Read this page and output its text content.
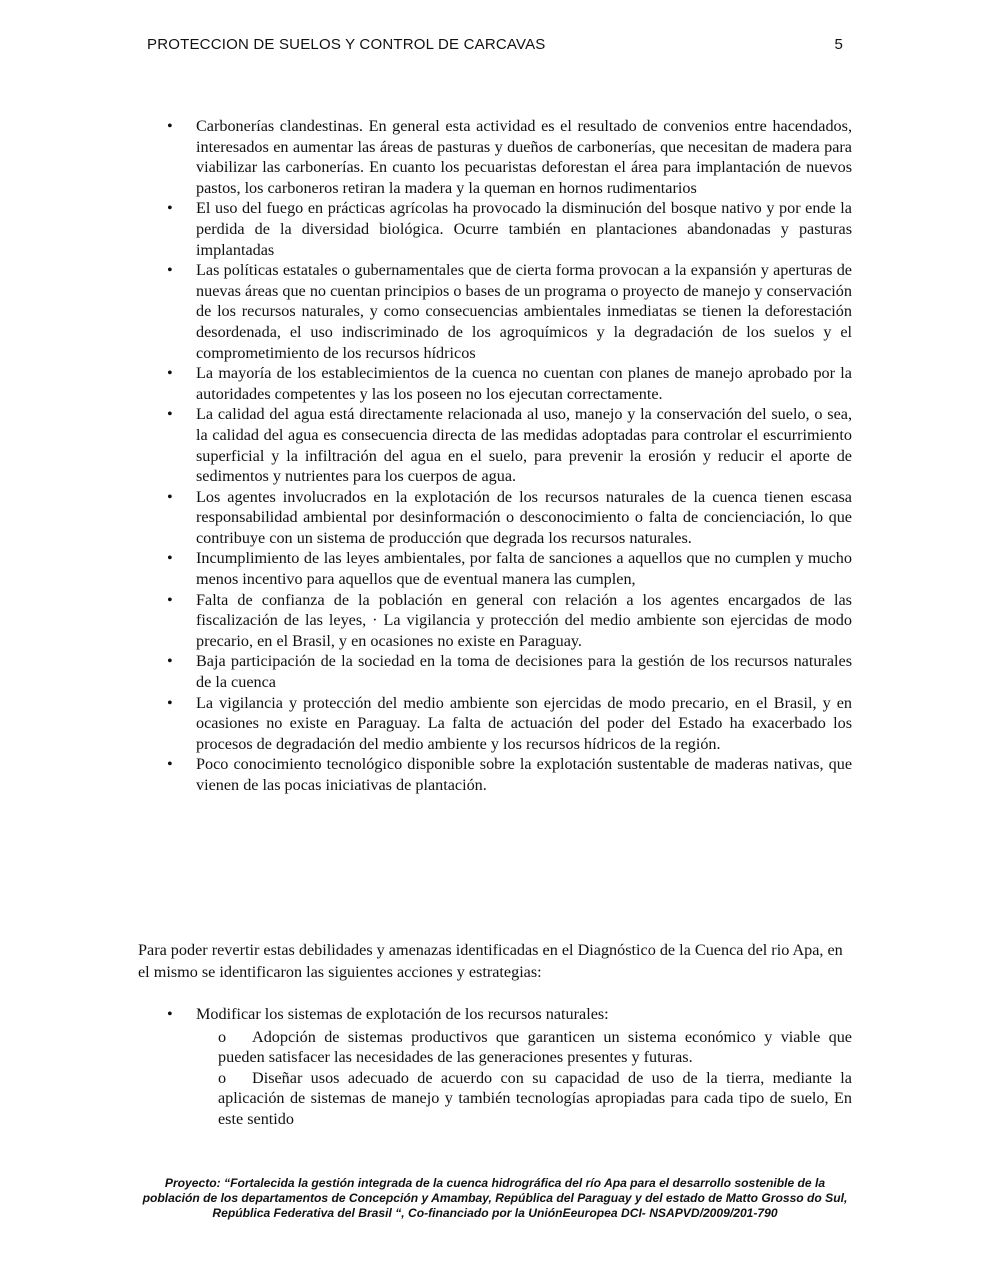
PROTECCION DE SUELOS Y CONTROL DE CARCAVAS	5
• Carbonerías clandestinas. En general esta actividad es el resultado de convenios entre hacendados, interesados en aumentar las áreas de pasturas y dueños de carbonerías, que necesitan de madera para viabilizar las carbonerías. En cuanto los pecuaristas deforestan el área para implantación de nuevos pastos, los carboneros retiran la madera y la queman en hornos rudimentarios
• El uso del fuego en prácticas agrícolas ha provocado la disminución del bosque nativo y por ende la perdida de la diversidad biológica. Ocurre también en plantaciones abandonadas y pasturas implantadas
• Las políticas estatales o gubernamentales que de cierta forma provocan a la expansión y aperturas de nuevas áreas que no cuentan principios o bases de un programa o proyecto de manejo y conservación de los recursos naturales, y como consecuencias ambientales inmediatas se tienen la deforestación desordenada, el uso indiscriminado de los agroquímicos y la degradación de los suelos y el comprometimiento de los recursos hídricos
• La mayoría de los establecimientos de la cuenca no cuentan con planes de manejo aprobado por la autoridades competentes y las los poseen no los ejecutan correctamente.
• La calidad del agua está directamente relacionada al uso, manejo y la conservación del suelo, o sea, la calidad del agua es consecuencia directa de las medidas adoptadas para controlar el escurrimiento superficial y la infiltración del agua en el suelo, para prevenir la erosión y reducir el aporte de sedimentos y nutrientes para los cuerpos de agua.
• Los agentes involucrados en la explotación de los recursos naturales de la cuenca tienen escasa responsabilidad ambiental por desinformación o desconocimiento o falta de concienciación, lo que contribuye con un sistema de producción que degrada los recursos naturales.
• Incumplimiento de las leyes ambientales, por falta de sanciones a aquellos que no cumplen y mucho menos incentivo para aquellos que de eventual manera las cumplen,
• Falta de confianza de la población en general con relación a los agentes encargados de las fiscalización de las leyes, · La vigilancia y protección del medio ambiente son ejercidas de modo precario, en el Brasil, y en ocasiones no existe en Paraguay.
• Baja participación de la sociedad en la toma de decisiones para la gestión de los recursos naturales de la cuenca
• La vigilancia y protección del medio ambiente son ejercidas de modo precario, en el Brasil, y en ocasiones no existe en Paraguay. La falta de actuación del poder del Estado ha exacerbado los procesos de degradación del medio ambiente y los recursos hídricos de la región.
• Poco conocimiento tecnológico disponible sobre la explotación sustentable de maderas nativas, que vienen de las pocas iniciativas de plantación.

Para poder revertir estas debilidades y amenazas identificadas en el Diagnóstico de la Cuenca del rio Apa, en el mismo se identificaron las siguientes acciones y estrategias:

• Modificar los sistemas de explotación de los recursos naturales:
o Adopción de sistemas productivos que garanticen un sistema económico y viable que pueden satisfacer las necesidades de las generaciones presentes y futuras.
o Diseñar usos adecuado de acuerdo con su capacidad de uso de la tierra, mediante la aplicación de sistemas de manejo y también tecnologías apropiadas para cada tipo de suelo, En este sentido
Proyecto: “Fortalecida la gestión integrada de la cuenca hidrográfica del río Apa para el desarrollo sostenible de la población de los departamentos de Concepción y Amambay, República del Paraguay y del estado de Matto Grosso do Sul, República Federativa del Brasil “, Co-financiado por la UniónEeuropea DCI- NSAPVD/2009/201-790
